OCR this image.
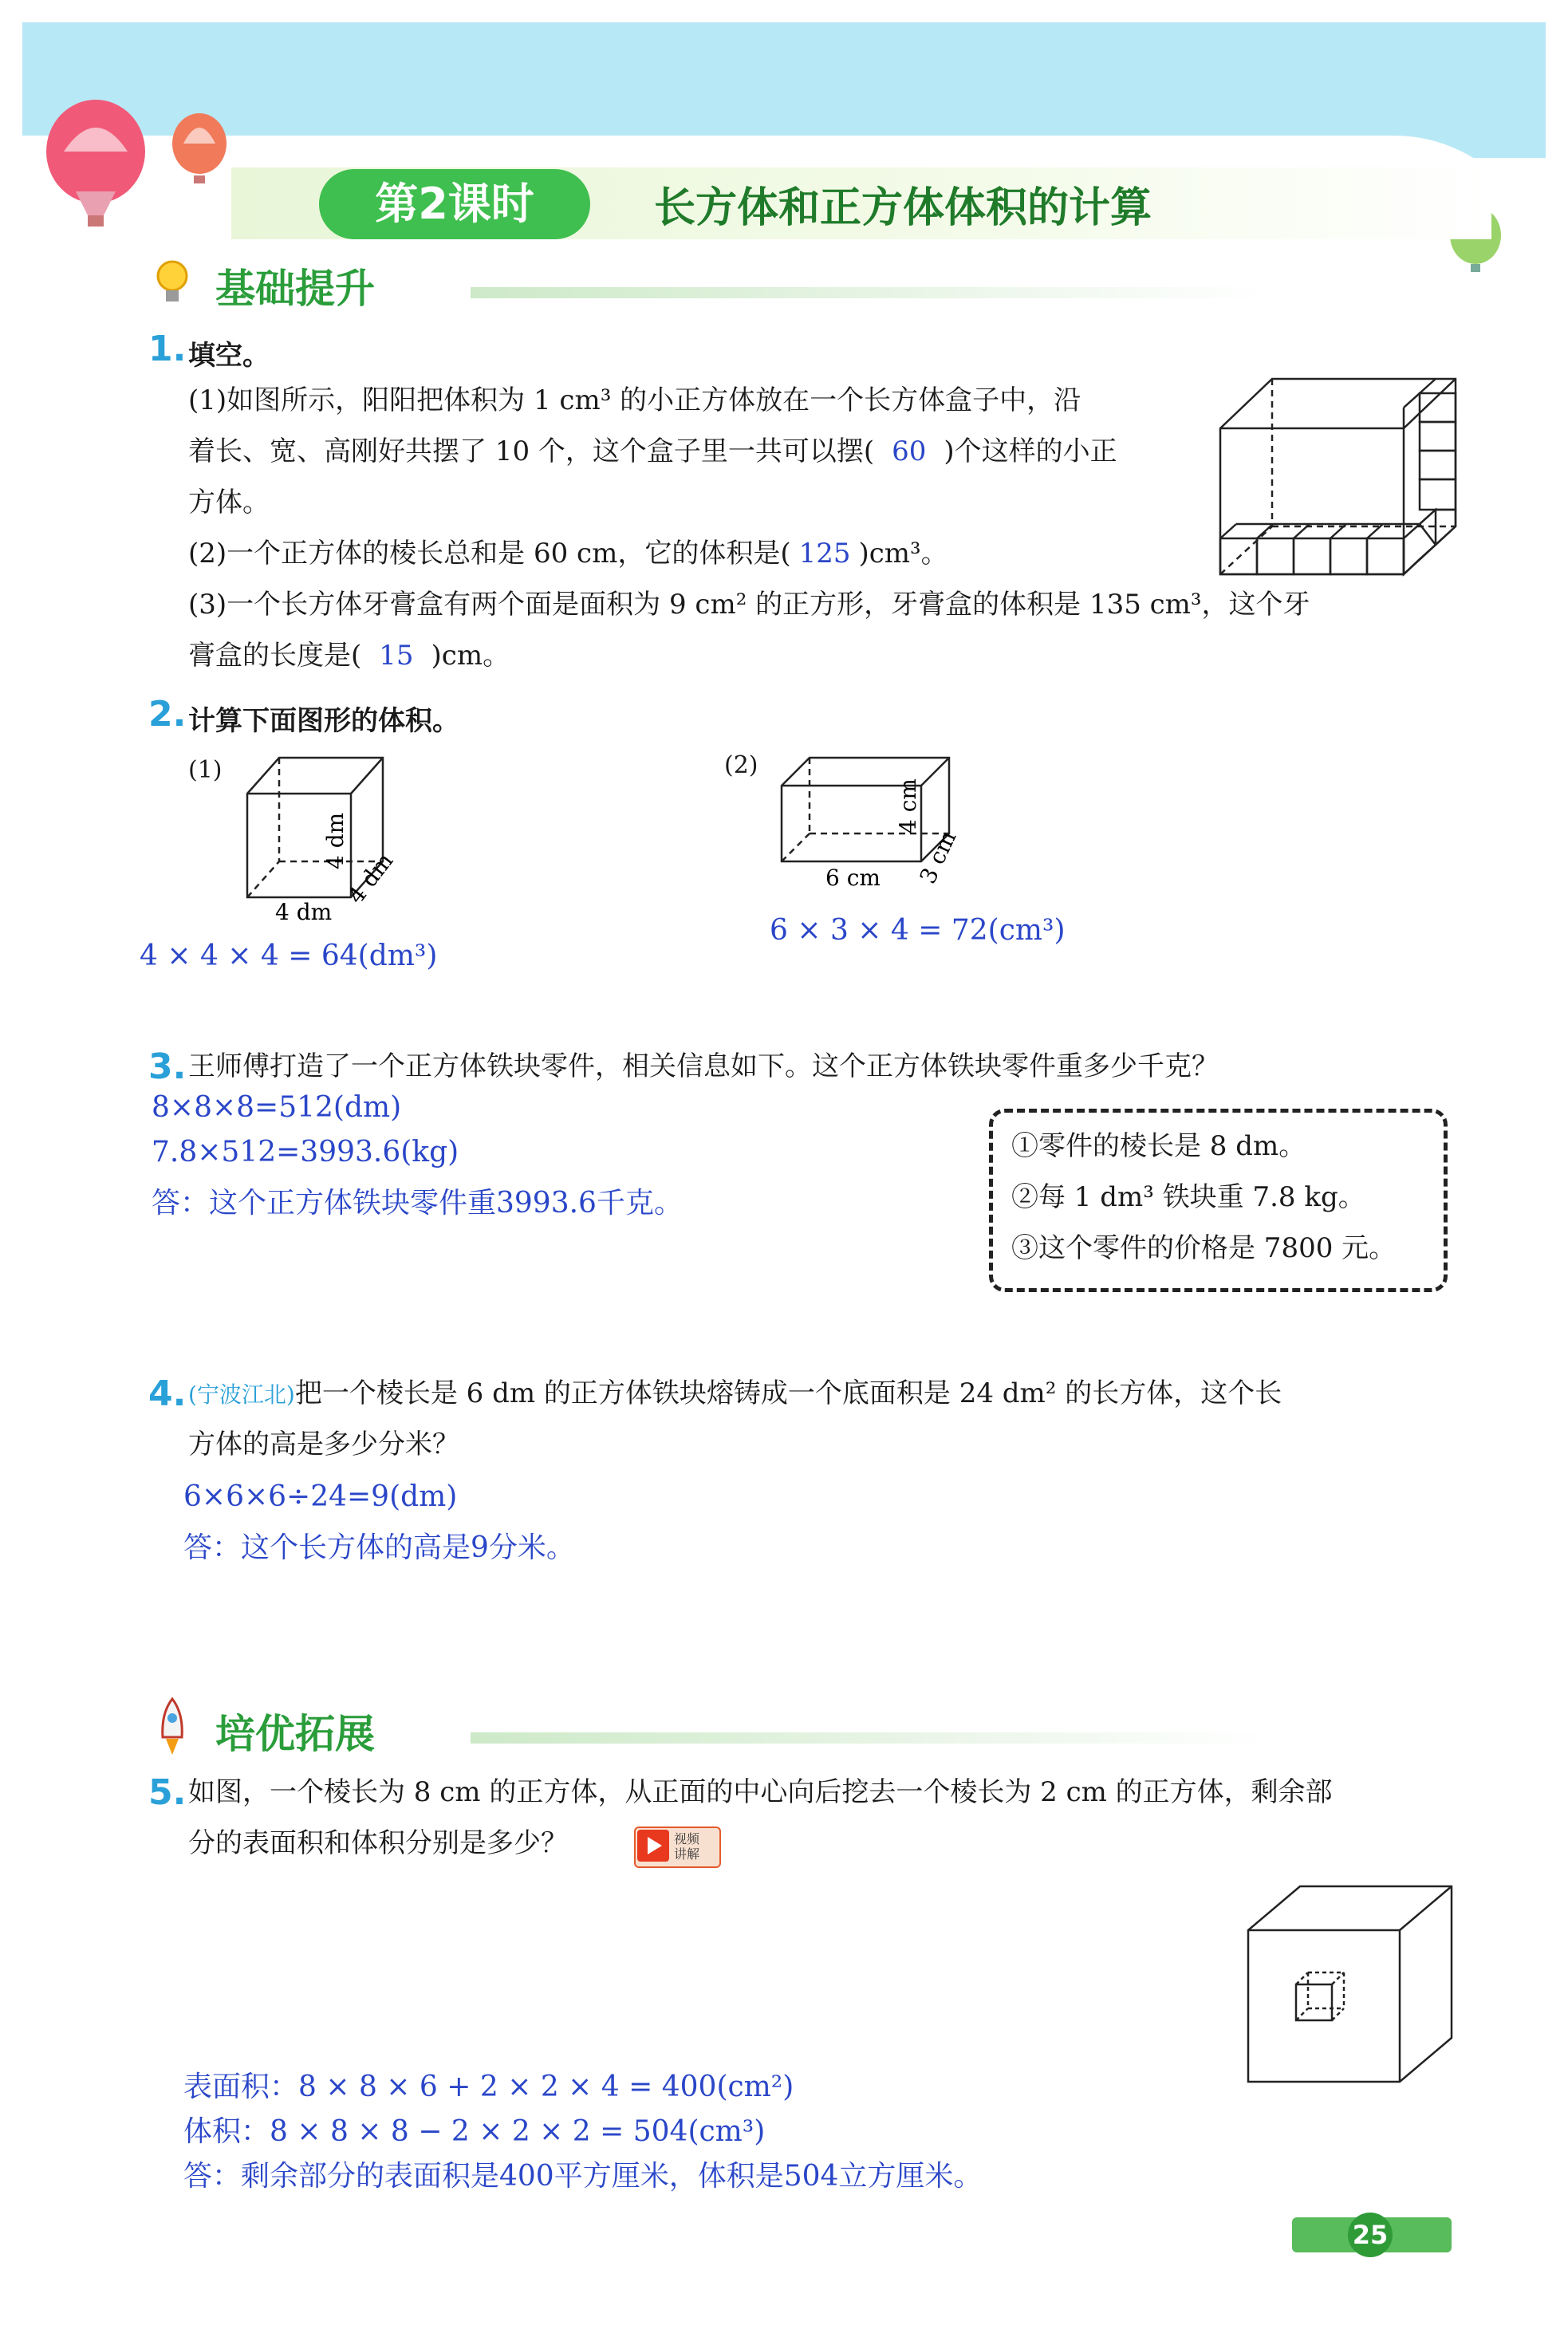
第2课时	长方体和正方体体积的计算
基础提升
1. 填空。
(1)如图所示，阳阳把体积为 1 cm³ 的小正方体放在一个长方体盒子中，沿
着长、宽、高刚好共摆了 10 个，这个盒子里一共可以摆( 60 )个这样的小正
方体。
(2)一个正方体的棱长总和是 60 cm，它的体积是( 125 )cm³。
(3)一个长方体牙膏盒有两个面是面积为 9 cm² 的正方形，牙膏盒的体积是 135 cm³，这个牙
膏盒的长度是( 15 )cm。
2. 计算下面图形的体积。
(1)	(2)
4 dm
4 dm
4 dm	6 cm 3 cm
4 cm
4 × 4 × 4 = 64(dm³)
6 × 3 × 4 = 72(cm³)
3. 王师傅打造了一个正方体铁块零件，相关信息如下。这个正方体铁块零件重多少千克？
8×8×8=512(dm)
7.8×512=3993.6(kg)
答：这个正方体铁块零件重3993.6千克。
①零件的棱长是 8 dm。
②每 1 dm³ 铁块重 7.8 kg。
③这个零件的价格是 7800 元。
4. (宁波江北)把一个棱长是 6 dm 的正方体铁块熔铸成一个底面积是 24 dm² 的长方体，这个长
方体的高是多少分米？
6×6×6÷24=9(dm)
答：这个长方体的高是9分米。
培优拓展
5. 如图，一个棱长为 8 cm 的正方体，从正面的中心向后挖去一个棱长为 2 cm 的正方体，剩余部
分的表面积和体积分别是多少？	视频
讲解
表面积：8 × 8 × 6 + 2 × 2 × 4 = 400(cm²)
体积：8 × 8 × 8 − 2 × 2 × 2 = 504(cm³)
答：剩余部分的表面积是400平方厘米，体积是504立方厘米。
25
